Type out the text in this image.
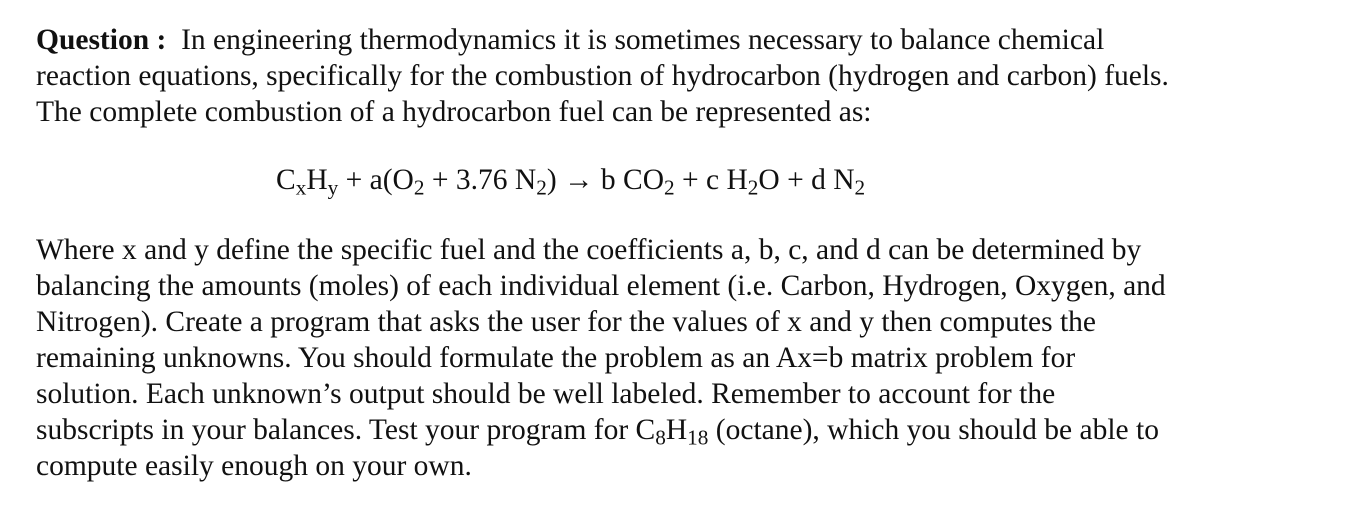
Question : In engineering thermodynamics it is sometimes necessary to balance chemical
reaction equations, specifically for the combustion of hydrocarbon (hydrogen and carbon) fuels.
The complete combustion of a hydrocarbon fuel can be represented as:

$C_xH_y + a(O_2 + 3.76$ $N_2) \to b$ $CO_2 + c$ $H_2O + d$ $N_2$

Where x and y define the specific fuel and the coefficients a, b, c, and d can be determined by
balancing the amounts (moles) of each individual element (i.e. Carbon, Hydrogen, Oxygen, and
Nitrogen). Create a program that asks the user for the values of x and y then computes the
remaining unknowns. You should formulate the problem as an Ax=b matrix problem for
solution. Each unknown’s output should be well labeled. Remember to account for the
subscripts in your balances. Test your program for $C_8H_{18}$ (octane), which you should be able to
compute easily enough on your own.
